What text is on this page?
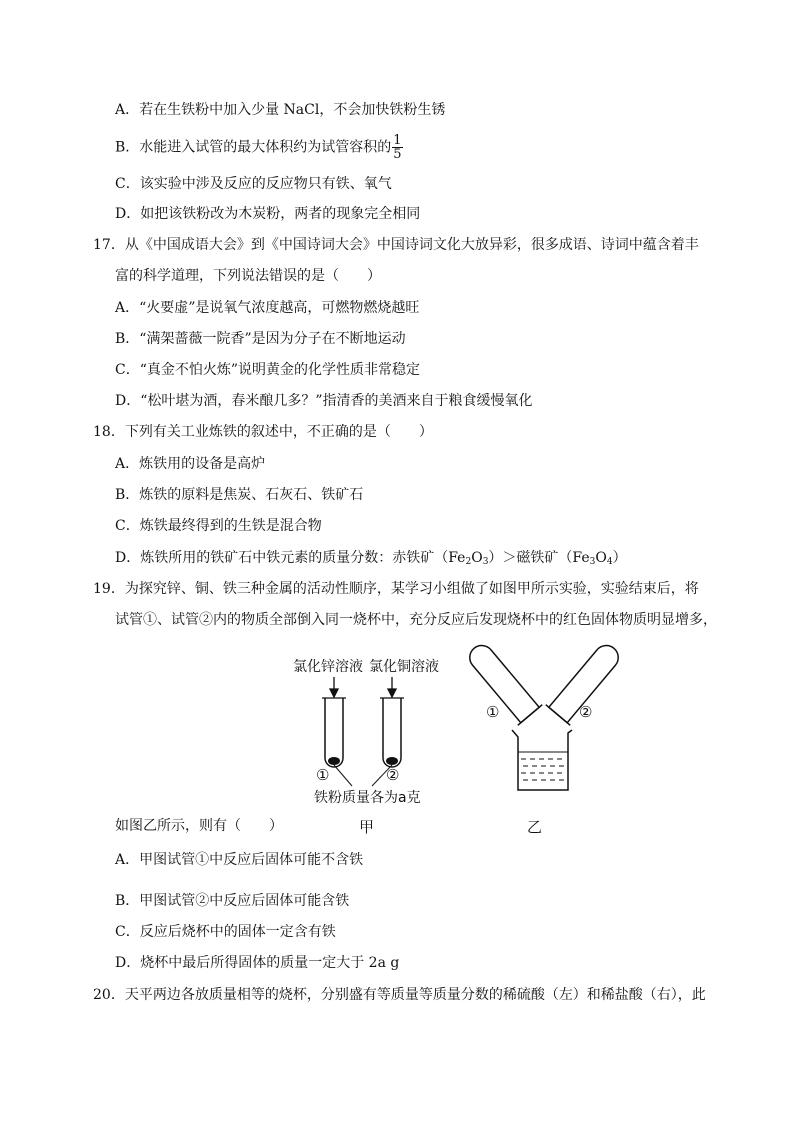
A．若在生铁粉中加入少量 NaCl，不会加快铁粉生锈
B．水能进入试管的最大体积约为试管容积的 $\frac{1}{5}$
C．该实验中涉及反应的反应物只有铁、氧气
D．如把该铁粉改为木炭粉，两者的现象完全相同
17．从《中国成语大会》到《中国诗词大会》中国诗词文化大放异彩，很多成语、诗词中蕴含着丰
富的科学道理，下列说法错误的是（　　）
A．“火要虚”是说氧气浓度越高，可燃物燃烧越旺
B．“满架蔷薇一院香”是因为分子在不断地运动
C．“真金不怕火炼”说明黄金的化学性质非常稳定
D．“松叶堪为酒，春米酿几多？”指清香的美酒来自于粮食缓慢氧化
18．下列有关工业炼铁的叙述中，不正确的是（　　）
A．炼铁用的设备是高炉
B．炼铁的原料是焦炭、石灰石、铁矿石
C．炼铁最终得到的生铁是混合物
D．炼铁所用的铁矿石中铁元素的质量分数：赤铁矿$(Fe_2O_3)>$磁铁矿$(Fe_3O_4)$
19．为探究锌、铜、铁三种金属的活动性顺序，某学习小组做了如图甲所示实验，实验结束后，将
试管①、试管②内的物质全部倒入同一烧杯中，充分反应后发现烧杯中的红色固体物质明显增多，
氯化锌溶液 氯化铜溶液
①	②
铁粉质量各为a克
①	②
如图乙所示，则有（　　）	甲	乙
A．甲图试管①中反应后固体可能不含铁
B．甲图试管②中反应后固体可能含铁
C．反应后烧杯中的固体一定含有铁
D．烧杯中最后所得固体的质量一定大于 2a g
20．天平两边各放质量相等的烧杯，分别盛有等质量等质量分数的稀硫酸（左）和稀盐酸（右），此
